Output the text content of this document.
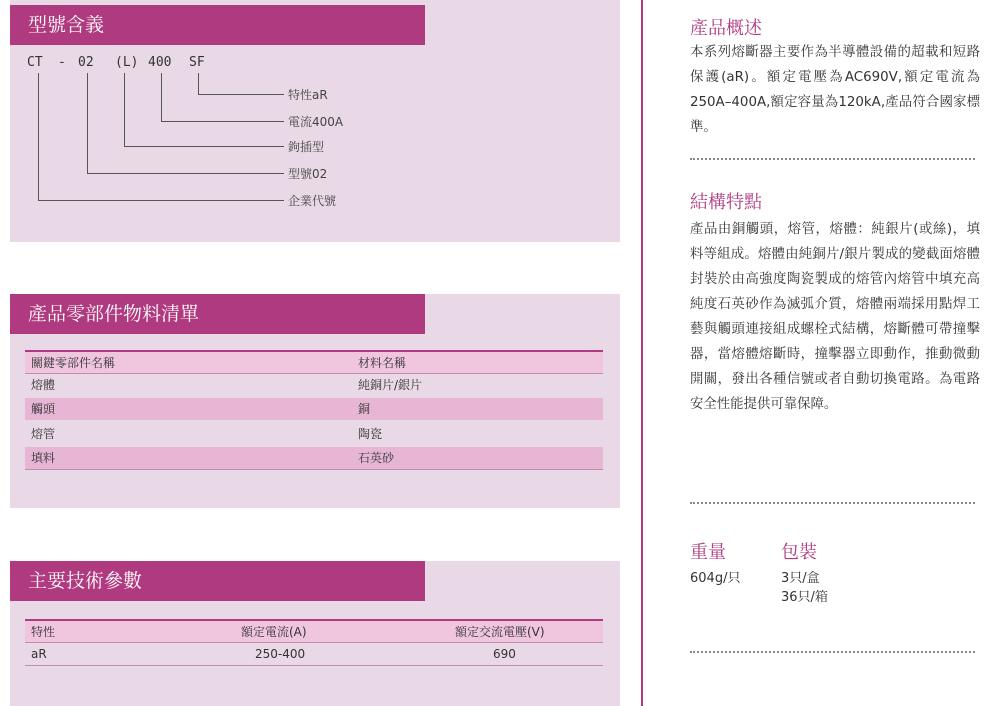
型號含義
CT - 02 (L) 400 SF
特性aR
電流400A
鉤插型
型號02
企業代號
產品零部件物料清單
關鍵零部件名稱	材料名稱
熔體	純銅片/銀片
觸頭	銅
熔管	陶瓷
填料	石英砂
主要技術參數
特性	額定電流(A)	額定交流電壓(V)
aR	250-400	690
產品概述
本系列熔斷器主要作為半導體設備的超載和短路保護(aR)。額定電壓為AC690V,額定電流為250A–400A,額定容量為120kA,產品符合國家標準。
結構特點
產品由銅觸頭，熔管，熔體：純銀片(或絲)，填料等組成。熔體由純銅片/銀片製成的變截面熔體封裝於由高強度陶瓷製成的熔管內熔管中填充高純度石英砂作為滅弧介質，熔體兩端採用點焊工藝與觸頭連接組成螺栓式結構，熔斷體可帶撞擊器，當熔體熔斷時，撞擊器立即動作，推動微動開關，發出各種信號或者自動切換電路。為電路安全性能提供可靠保障。
重量
604g/只
包裝
3只/盒
36只/箱
